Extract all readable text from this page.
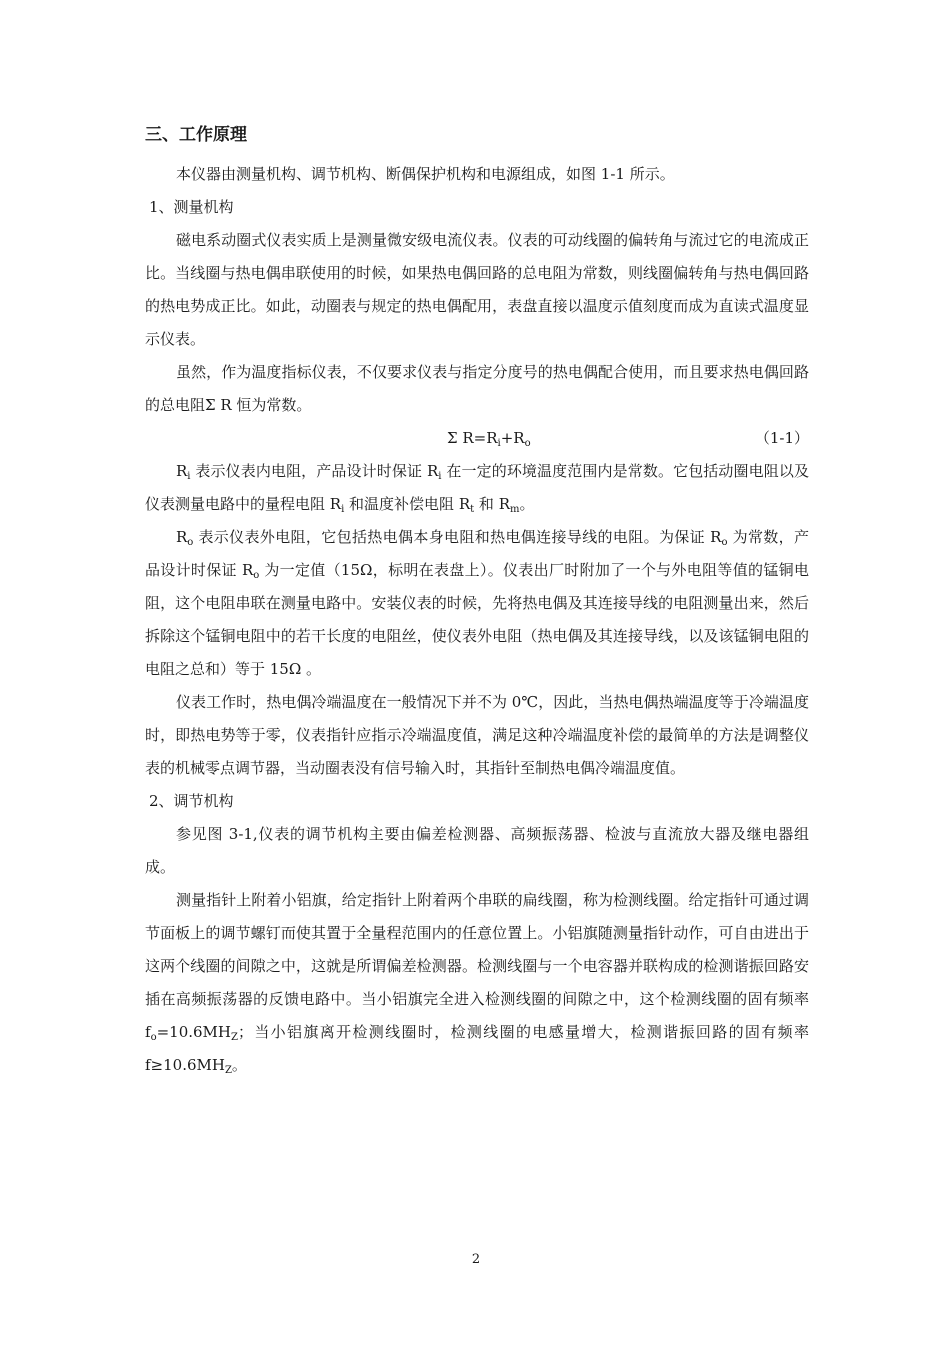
三、工作原理

本仪器由测量机构、调节机构、断偶保护机构和电源组成，如图 1-1 所示。

1、测量机构

磁电系动圈式仪表实质上是测量微安级电流仪表。仪表的可动线圈的偏转角与流过它的电流成正比。当线圈与热电偶串联使用的时候，如果热电偶回路的总电阻为常数，则线圈偏转角与热电偶回路的热电势成正比。如此，动圈表与规定的热电偶配用，表盘直接以温度示值刻度而成为直读式温度显示仪表。

虽然，作为温度指标仪表，不仅要求仪表与指定分度号的热电偶配合使用，而且要求热电偶回路的总电阻Σ R 恒为常数。

Σ $R=R_i+R_o$	（1-1）

$R_i$ 表示仪表内电阻，产品设计时保证 $R_i$ 在一定的环境温度范围内是常数。它包括动圈电阻以及仪表测量电路中的量程电阻 $R_i$ 和温度补偿电阻 $R_t$ 和 $R_m$。

$R_o$ 表示仪表外电阻，它包括热电偶本身电阻和热电偶连接导线的电阻。为保证 $R_o$ 为常数，产品设计时保证 $R_o$ 为一定值（15Ω，标明在表盘上）。仪表出厂时附加了一个与外电阻等值的锰铜电阻，这个电阻串联在测量电路中。安装仪表的时候，先将热电偶及其连接导线的电阻测量出来，然后拆除这个锰铜电阻中的若干长度的电阻丝，使仪表外电阻（热电偶及其连接导线，以及该锰铜电阻的电阻之总和）等于 15Ω 。

仪表工作时，热电偶冷端温度在一般情况下并不为 0℃，因此，当热电偶热端温度等于冷端温度时，即热电势等于零，仪表指针应指示冷端温度值，满足这种冷端温度补偿的最简单的方法是调整仪表的机械零点调节器，当动圈表没有信号输入时，其指针至制热电偶冷端温度值。

2、调节机构

参见图 3-1,仪表的调节机构主要由偏差检测器、高频振荡器、检波与直流放大器及继电器组成。

测量指针上附着小铝旗，给定指针上附着两个串联的扁线圈，称为检测线圈。给定指针可通过调节面板上的调节螺钉而使其置于全量程范围内的任意位置上。小铝旗随测量指针动作，可自由进出于这两个线圈的间隙之中，这就是所谓偏差检测器。检测线圈与一个电容器并联构成的检测谐振回路安插在高频振荡器的反馈电路中。当小铝旗完全进入检测线圈的间隙之中，这个检测线圈的固有频率 $f_o=10.6MH_Z$；当小铝旗离开检测线圈时，检测线圈的电感量增大，检测谐振回路的固有频率 $f\ge 10.6MH_Z$。

2
